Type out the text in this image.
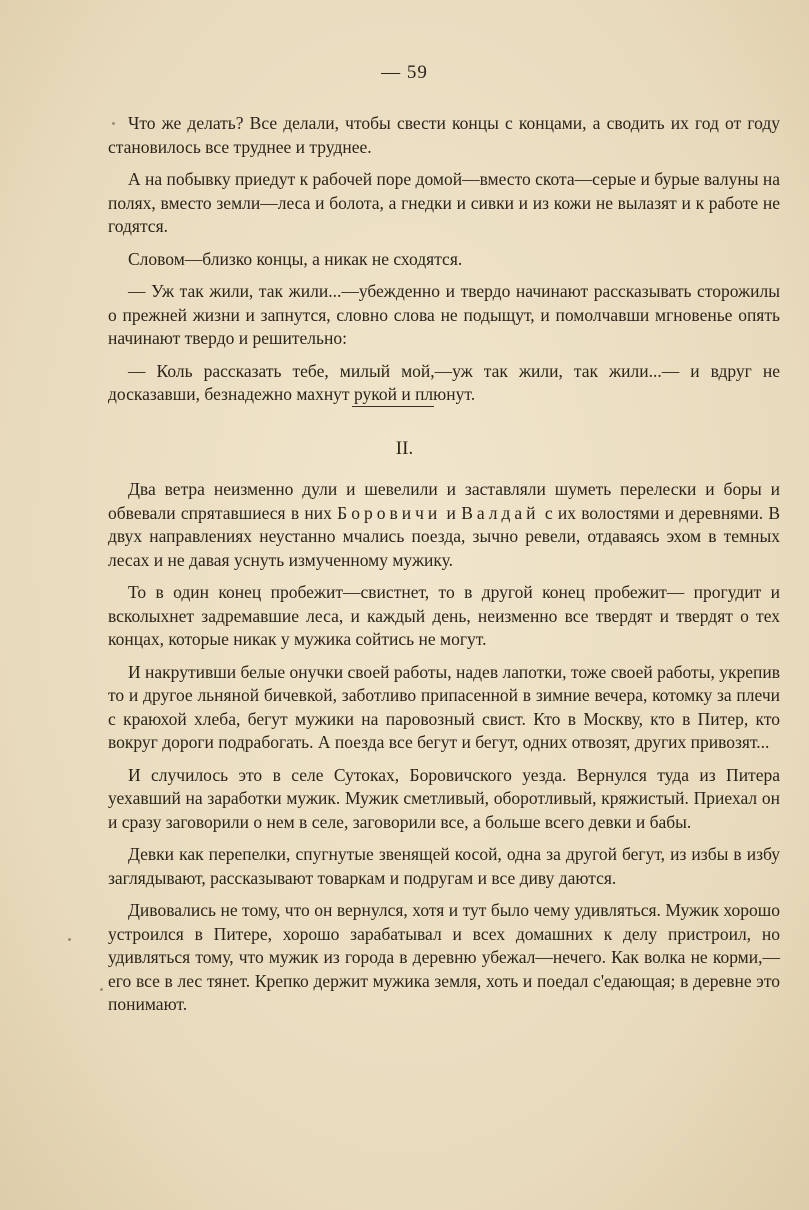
— 59

Что же делать? Все делали, чтобы свести концы с концами, а сводить их год от году становилось все труднее и труднее.

А на побывку приедут к рабочей поре домой—вместо скота—серые и бурые валуны на полях, вместо земли—леса и болота, а гнедки и сивки и из кожи не вылазят и к работе не годятся.

Словом—близко концы, а никак не сходятся.

— Уж так жили, так жили...—убежденно и твердо начинают рассказывать сторожилы о прежней жизни и запнутся, словно слова не подыщут, и помолчавши мгновенье опять начинают твердо и решительно:

— Коль рассказать тебе, милый мой,—уж так жили, так жили...— и вдруг не досказавши, безнадежно махнут рукой и плюнут.

II.

Два ветра неизменно дули и шевелили и заставляли шуметь перелески и боры и обвевали спрятавшиеся в них Боровичи и Валдай с их волостями и деревнями. В двух направлениях неустанно мчались поезда, зычно ревели, отдаваясь эхом в темных лесах и не давая уснуть измученному мужику.

То в один конец пробежит—свистнет, то в другой конец пробежит— прогудит и всколыхнет задремавшие леса, и каждый день, неизменно все твердят и твердят о тех концах, которые никак у мужика сойтись не могут.

И накрутивши белые онучки своей работы, надев лапотки, тоже своей работы, укрепив то и другое льняной бичевкой, заботливо припасенной в зимние вечера, котомку за плечи с краюхой хлеба, бегут мужики на паровозный свист. Кто в Москву, кто в Питер, кто вокруг дороги подрабогать. А поезда все бегут и бегут, одних отвозят, других привозят...

И случилось это в селе Сутоках, Боровичского уезда. Вернулся туда из Питера уехавший на заработки мужик. Мужик сметливый, оборотливый, кряжистый. Приехал он и сразу заговорили о нем в селе, заговорили все, а больше всего девки и бабы.

Девки как перепелки, спугнутые звенящей косой, одна за другой бегут, из избы в избу заглядывают, рассказывают товаркам и подругам и все диву даются.

Дивовались не тому, что он вернулся, хотя и тут было чему удивляться. Мужик хорошо устроился в Питере, хорошо зарабатывал и всех домашних к делу пристроил, но удивляться тому, что мужик из города в деревню убежал—нечего. Как волка не корми,—его все в лес тянет. Крепко держит мужика земля, хоть и поедал с'едающая; в деревне это понимают.
